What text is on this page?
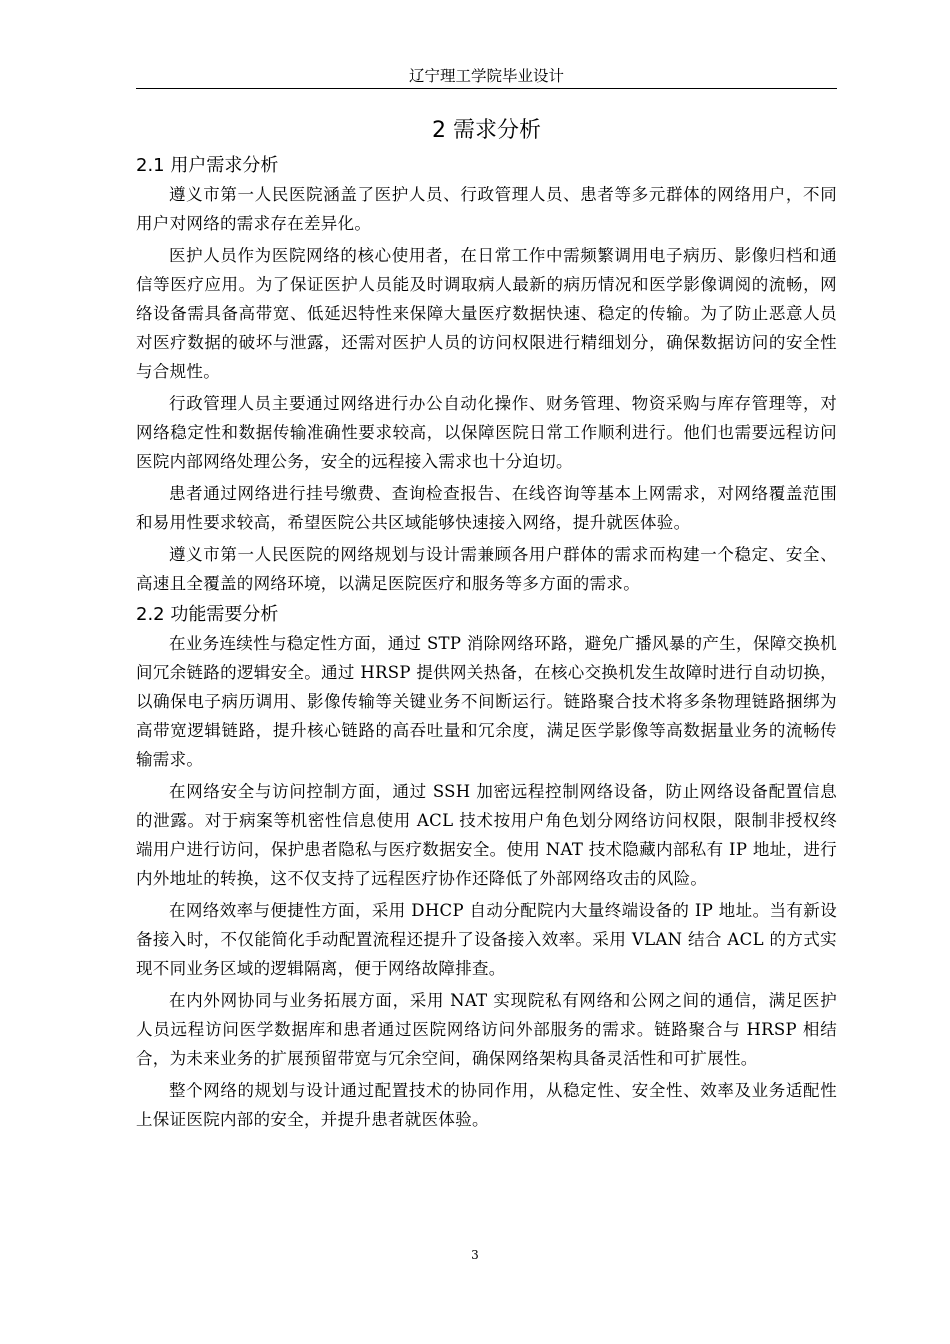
辽宁理工学院毕业设计
2 需求分析
2.1 用户需求分析

遵义市第一人民医院涵盖了医护人员、行政管理人员、患者等多元群体的网络用户，不同用户对网络的需求存在差异化。

医护人员作为医院网络的核心使用者，在日常工作中需频繁调用电子病历、影像归档和通信等医疗应用。为了保证医护人员能及时调取病人最新的病历情况和医学影像调阅的流畅，网络设备需具备高带宽、低延迟特性来保障大量医疗数据快速、稳定的传输。为了防止恶意人员对医疗数据的破坏与泄露，还需对医护人员的访问权限进行精细划分，确保数据访问的安全性与合规性。

行政管理人员主要通过网络进行办公自动化操作、财务管理、物资采购与库存管理等，对网络稳定性和数据传输准确性要求较高，以保障医院日常工作顺利进行。他们也需要远程访问医院内部网络处理公务，安全的远程接入需求也十分迫切。

患者通过网络进行挂号缴费、查询检查报告、在线咨询等基本上网需求，对网络覆盖范围和易用性要求较高，希望医院公共区域能够快速接入网络，提升就医体验。

遵义市第一人民医院的网络规划与设计需兼顾各用户群体的需求而构建一个稳定、安全、高速且全覆盖的网络环境，以满足医院医疗和服务等多方面的需求。

2.2 功能需要分析

在业务连续性与稳定性方面，通过 STP 消除网络环路，避免广播风暴的产生，保障交换机间冗余链路的逻辑安全。通过 HRSP 提供网关热备，在核心交换机发生故障时进行自动切换，以确保电子病历调用、影像传输等关键业务不间断运行。链路聚合技术将多条物理链路捆绑为高带宽逻辑链路，提升核心链路的高吞吐量和冗余度，满足医学影像等高数据量业务的流畅传输需求。

在网络安全与访问控制方面，通过 SSH 加密远程控制网络设备，防止网络设备配置信息的泄露。对于病案等机密性信息使用 ACL 技术按用户角色划分网络访问权限，限制非授权终端用户进行访问，保护患者隐私与医疗数据安全。使用 NAT 技术隐藏内部私有 IP 地址，进行内外地址的转换，这不仅支持了远程医疗协作还降低了外部网络攻击的风险。

在网络效率与便捷性方面，采用 DHCP 自动分配院内大量终端设备的 IP 地址。当有新设备接入时，不仅能简化手动配置流程还提升了设备接入效率。采用 VLAN 结合 ACL 的方式实现不同业务区域的逻辑隔离，便于网络故障排查。

在内外网协同与业务拓展方面，采用 NAT 实现院私有网络和公网之间的通信，满足医护人员远程访问医学数据库和患者通过医院网络访问外部服务的需求。链路聚合与 HRSP 相结合，为未来业务的扩展预留带宽与冗余空间，确保网络架构具备灵活性和可扩展性。

整个网络的规划与设计通过配置技术的协同作用，从稳定性、安全性、效率及业务适配性上保证医院内部的安全，并提升患者就医体验。

3
